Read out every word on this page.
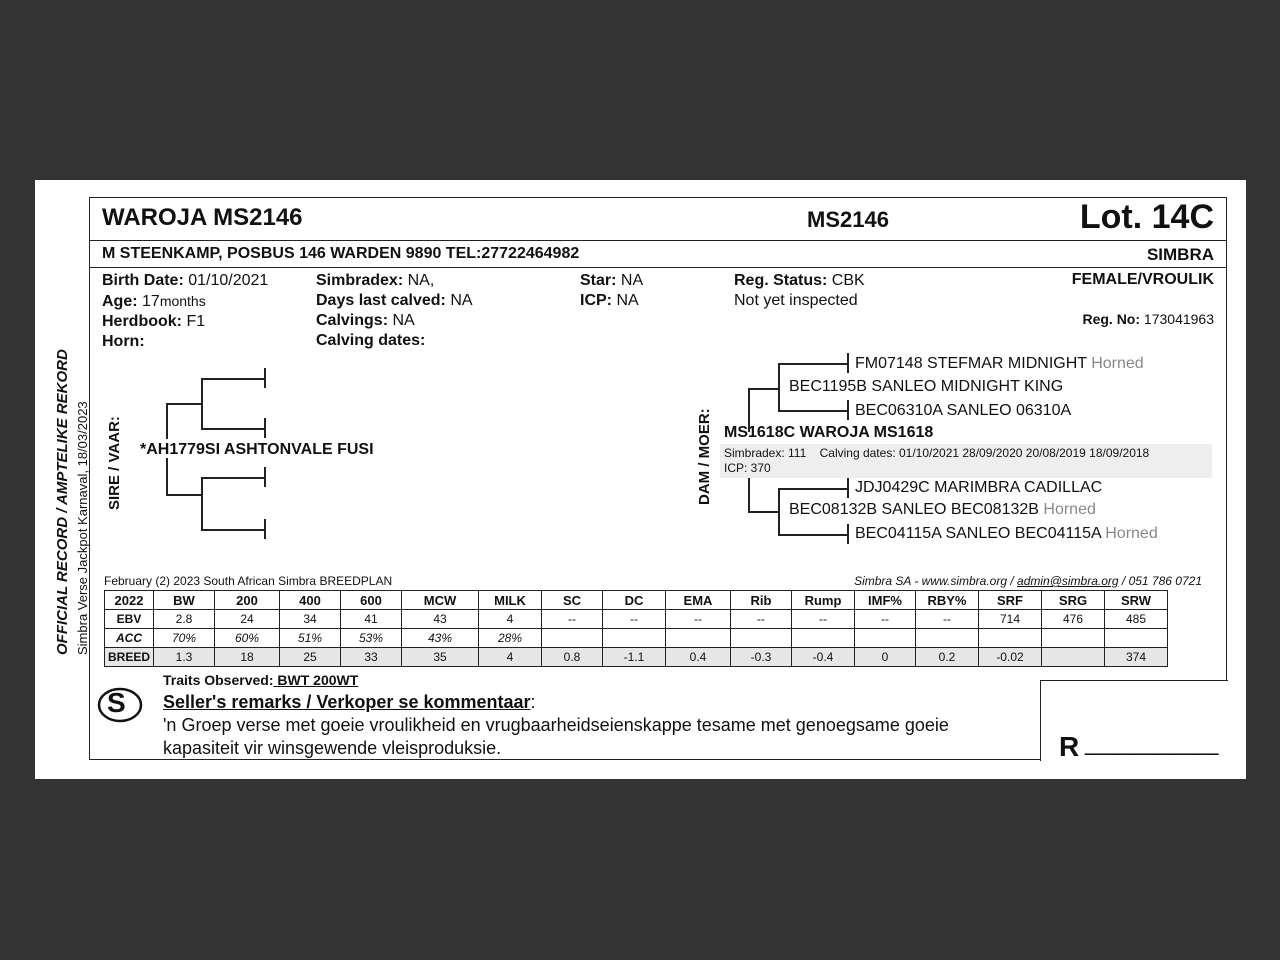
OFFICIAL RECORD / AMPTELIKE REKORD Simbra Verse Jackpot Karnaval, 18/03/2023
WAROJA MS2146	MS2146	Lot. 14C
M STEENKAMP, POSBUS 146 WARDEN 9890 TEL:27722464982	SIMBRA
Birth Date: 01/10/2021
Age: 17months
Herdbook: F1
Horn:
Simbradex: NA,
Days last calved: NA
Calvings: NA
Calving dates:
Star: NA
ICP: NA
Reg. Status: CBK
Not yet inspected
FEMALE/VROULIK
Reg. No: 173041963
SIRE / VAAR: *AH1779SI ASHTONVALE FUSI	DAM / MOER:
FM07148 STEFMAR MIDNIGHT Horned
BEC1195B SANLEO MIDNIGHT KING
BEC06310A SANLEO 06310A
MS1618C WAROJA MS1618
Simbradex: 111 Calving dates: 01/10/2021 28/09/2020 20/08/2019 18/09/2018
ICP: 370
JDJ0429C MARIMBRA CADILLAC
BEC08132B SANLEO BEC08132B Horned
BEC04115A SANLEO BEC04115A Horned
February (2) 2023 South African Simbra BREEDPLAN	Simbra SA - www.simbra.org / admin@simbra.org / 051 786 0721
2022	BW	200	400	600	MCW	MILK	SC	DC	EMA	Rib	Rump	IMF%	RBY%	SRF	SRG	SRW
EBV	2.8	24	34	41	43	4	--	--	--	--	--	--	--	714	476	485
ACC	70%	60%	51%	53%	43%	28%										
BREED	1.3	18	25	33	35	4	0.8	-1.1	0.4	-0.3	-0.4	0	0.2	-0.02		374
Traits Observed: BWT 200WT
S Seller's remarks / Verkoper se kommentaar:
'n Groep verse met goeie vroulikheid en vrugbaarheidseienskappe tesame met genoegsame goeie
kapasiteit vir winsgewende vleisproduksie.	R __________
